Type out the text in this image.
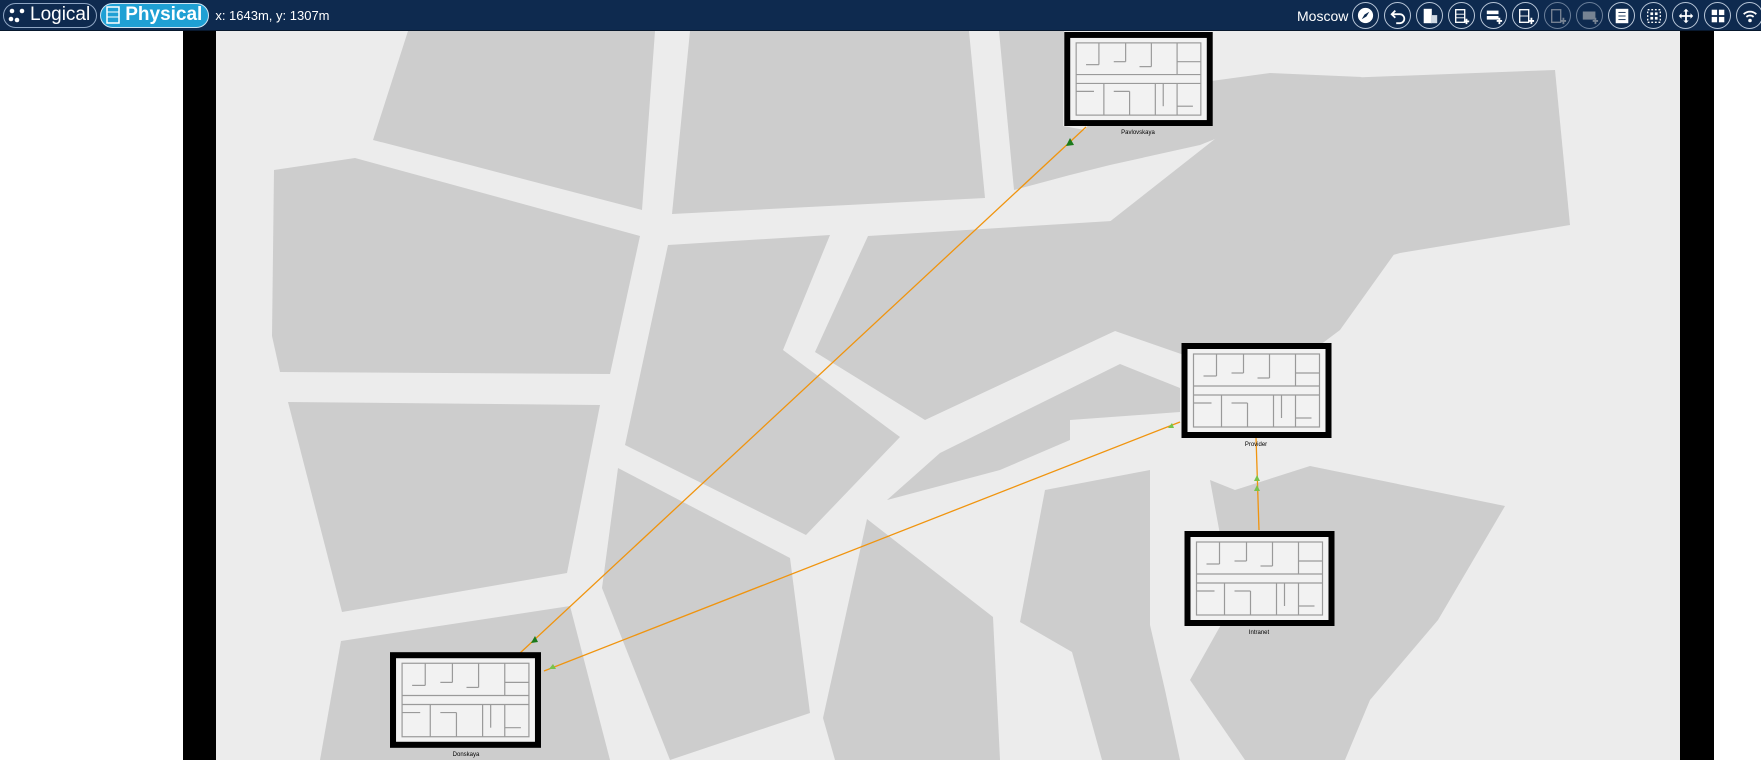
Logical Physical x: 1643m, y: 1307m	Moscow
Pavlovskaya
Provider
Intranet
Donskaya
